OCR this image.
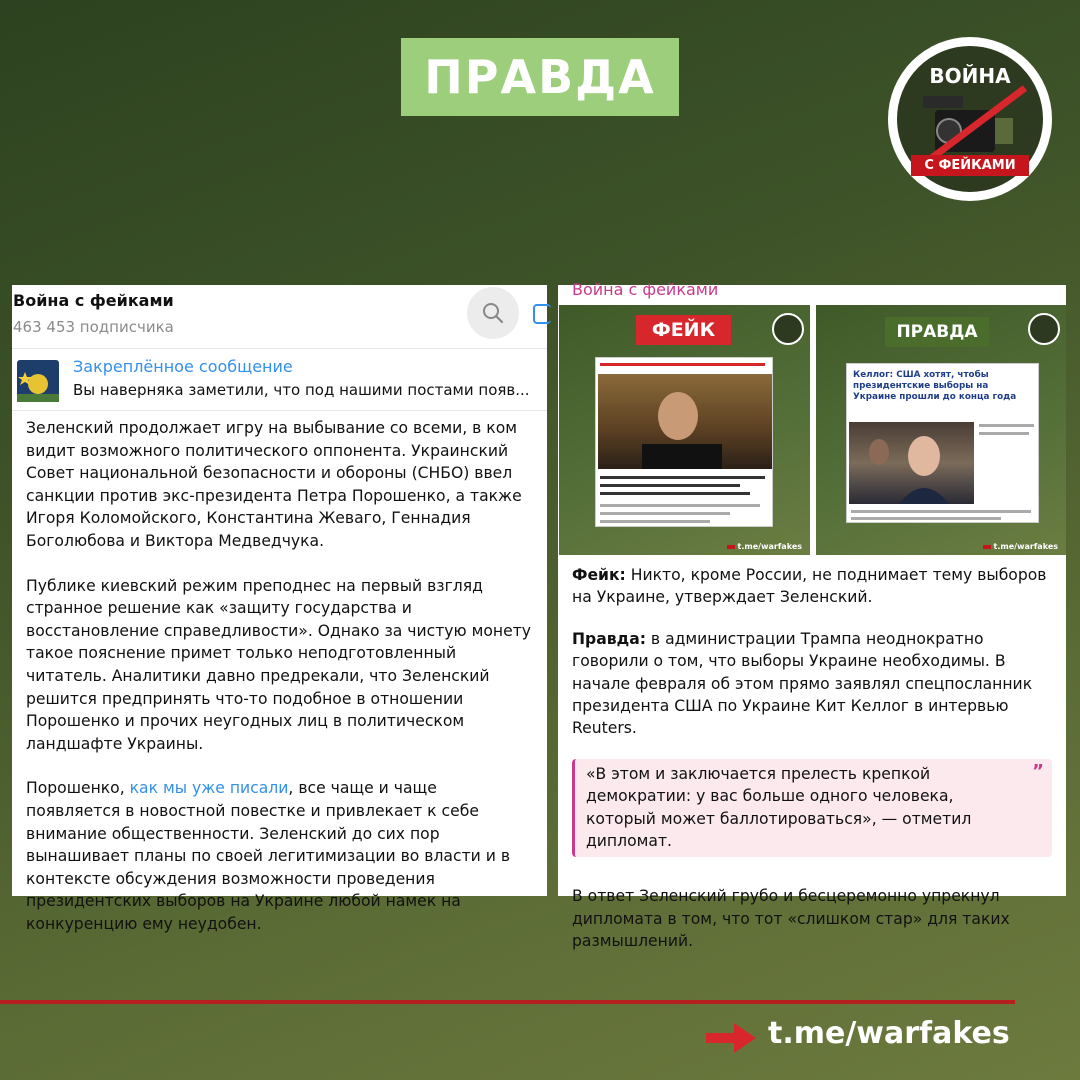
ПРАВДА	ВОЙНА
С ФЕЙКАМИ
Война с фейками
463 453 подписчика
Закреплённое сообщение
Вы наверняка заметили, что под нашими постами появ...

Зеленский продолжает игру на выбывание со всеми, в ком видит возможного политического оппонента. Украинский Совет национальной безопасности и обороны (СНБО) ввел санкции против экс-президента Петра Порошенко, а также Игоря Коломойского, Константина Жеваго, Геннадия Боголюбова и Виктора Медведчука.

Публике киевский режим преподнес на первый взгляд странное решение как «защиту государства и восстановление справедливости». Однако за чистую монету такое пояснение примет только неподготовленный читатель. Аналитики давно предрекали, что Зеленский решится предпринять что-то подобное в отношении Порошенко и прочих неугодных лиц в политическом ландшафте Украины.

Порошенко, как мы уже писали, все чаще и чаще появляется в новостной повестке и привлекает к себе внимание общественности. Зеленский до сих пор вынашивает планы по своей легитимизации во власти и в контексте обсуждения возможности проведения президентских выборов на Украине любой намек на конкуренцию ему неудобен.

Война с фейками
ФЕЙК
t.me/warfakes
ПРАВДА
Келлог: США хотят, чтобы президентские выборы на Украине прошли до конца года
t.me/warfakes

Фейк: Никто, кроме России, не поднимает тему выборов на Украине, утверждает Зеленский.

Правда: в администрации Трампа неоднократно говорили о том, что выборы Украине необходимы. В начале февраля об этом прямо заявлял спецпосланник президента США по Украине Кит Келлог в интервью Reuters.

”
«В этом и заключается прелесть крепкой демократии: у вас больше одного человека, который может баллотироваться», — отметил дипломат.

В ответ Зеленский грубо и бесцеремонно упрекнул дипломата в том, что тот «слишком стар» для таких размышлений.

t.me/warfakes
